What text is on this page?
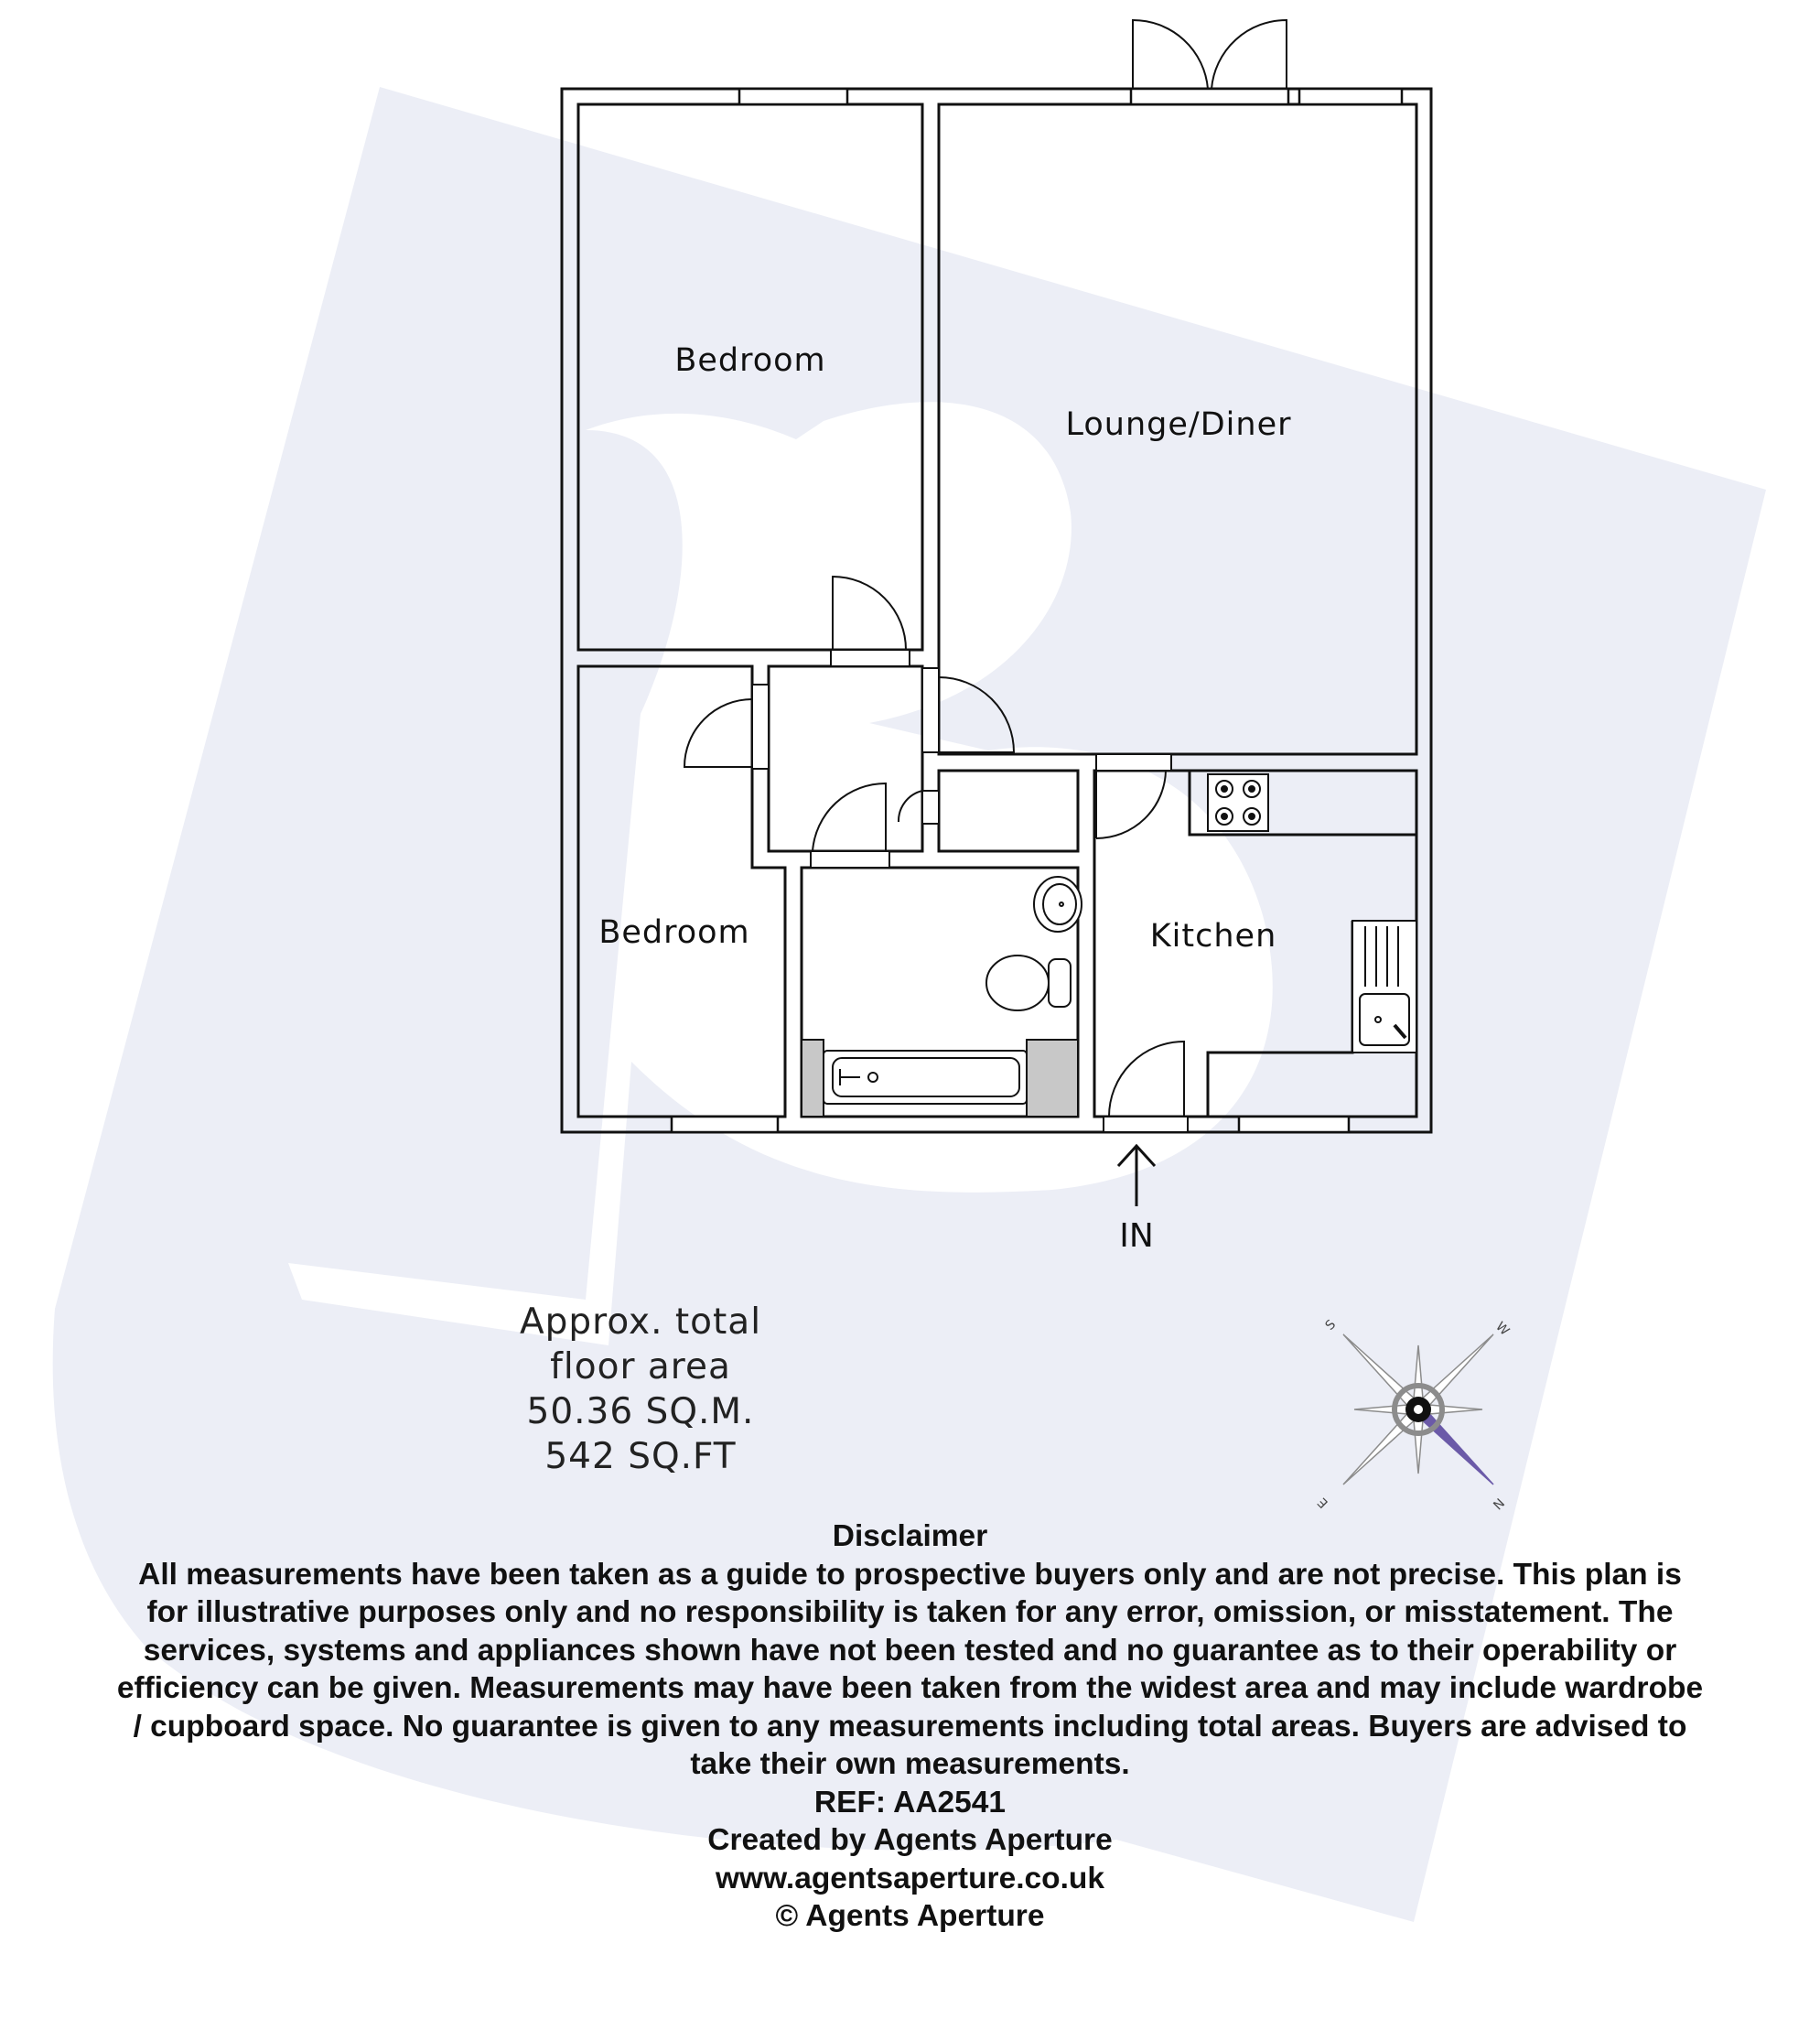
Bedroom
Lounge/Diner
Bedroom	Kitchen
IN
Approx. total
floor area
50.36 SQ.M.
542 SQ.FT
S	W
E	N
Disclaimer
All measurements have been taken as a guide to prospective buyers only and are not precise. This plan is
for illustrative purposes only and no responsibility is taken for any error, omission, or misstatement. The
services, systems and appliances shown have not been tested and no guarantee as to their operability or
efficiency can be given. Measurements may have been taken from the widest area and may include wardrobe
/ cupboard space. No guarantee is given to any measurements including total areas. Buyers are advised to
take their own measurements.
REF: AA2541
Created by Agents Aperture
www.agentsaperture.co.uk
© Agents Aperture
